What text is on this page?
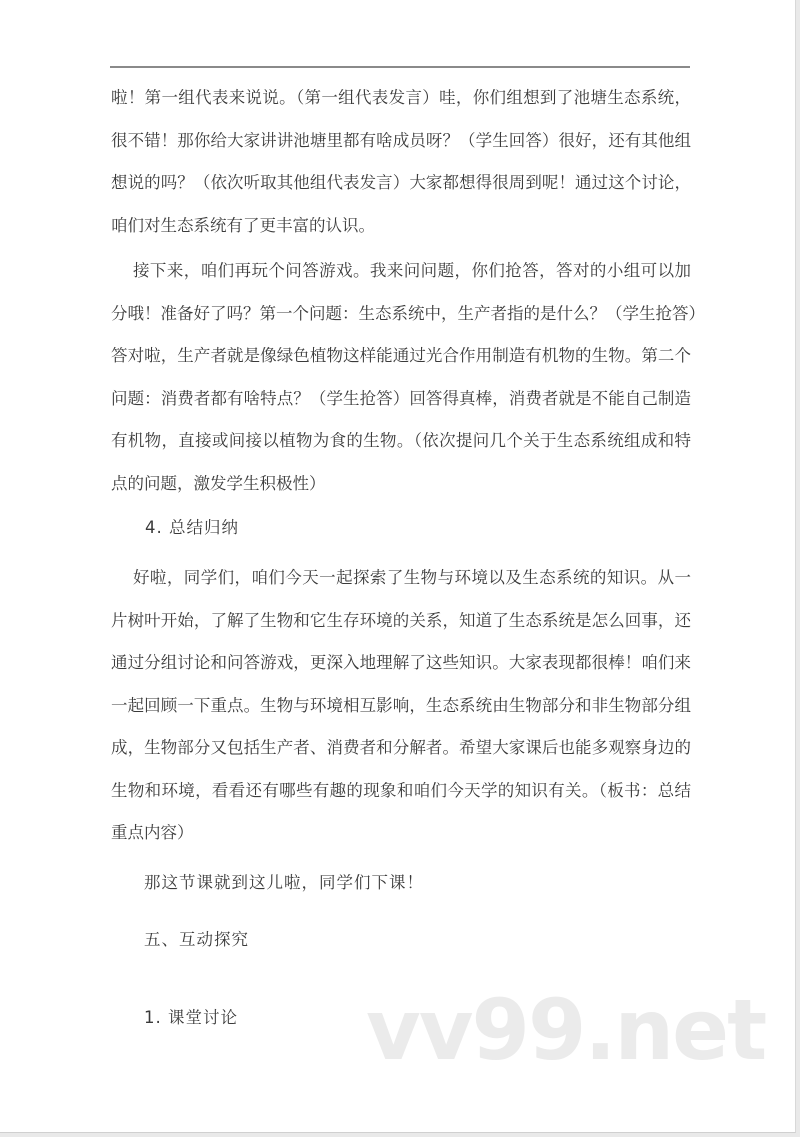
啦！第一组代表来说说。（第一组代表发言）哇，你们组想到了池塘生态系统，
很不错！那你给大家讲讲池塘里都有啥成员呀？（学生回答）很好，还有其他组
想说的吗？（依次听取其他组代表发言）大家都想得很周到呢！通过这个讨论，
咱们对生态系统有了更丰富的认识。
接下来，咱们再玩个问答游戏。我来问问题，你们抢答，答对的小组可以加
分哦！准备好了吗？第一个问题：生态系统中，生产者指的是什么？（学生抢答）
答对啦，生产者就是像绿色植物这样能通过光合作用制造有机物的生物。第二个
问题：消费者都有啥特点？（学生抢答）回答得真棒，消费者就是不能自己制造
有机物，直接或间接以植物为食的生物。（依次提问几个关于生态系统组成和特
点的问题，激发学生积极性）
4. 总结归纳
好啦，同学们，咱们今天一起探索了生物与环境以及生态系统的知识。从一
片树叶开始，了解了生物和它生存环境的关系，知道了生态系统是怎么回事，还
通过分组讨论和问答游戏，更深入地理解了这些知识。大家表现都很棒！咱们来
一起回顾一下重点。生物与环境相互影响，生态系统由生物部分和非生物部分组
成，生物部分又包括生产者、消费者和分解者。希望大家课后也能多观察身边的
生物和环境，看看还有哪些有趣的现象和咱们今天学的知识有关。（板书：总结
重点内容）
那这节课就到这儿啦，同学们下课！
五、互动探究
1. 课堂讨论 vv99.net
